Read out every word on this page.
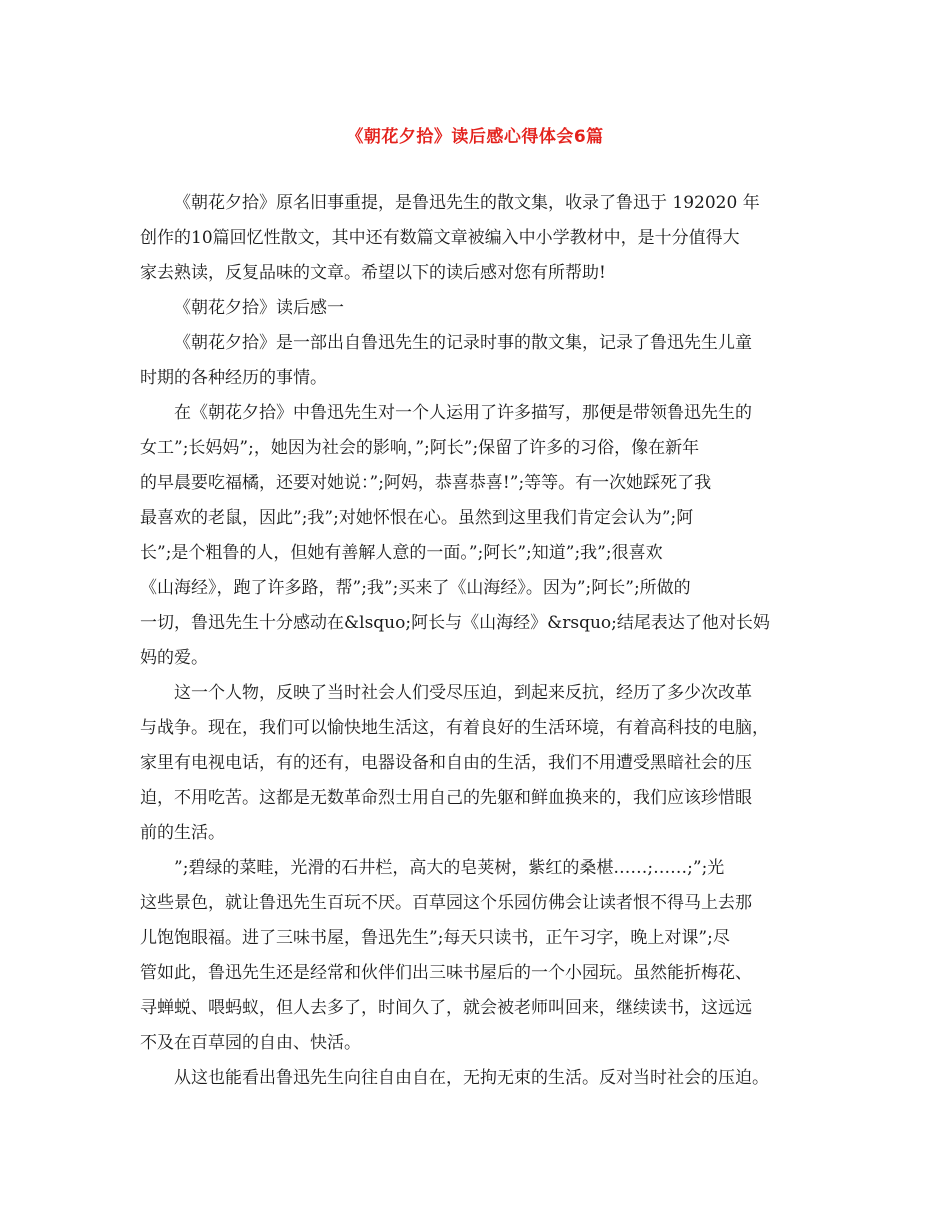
《朝花夕拾》读后感心得体会6篇
《朝花夕拾》原名旧事重提，是鲁迅先生的散文集，收录了鲁迅于 192020 年
创作的10篇回忆性散文，其中还有数篇文章被编入中小学教材中，是十分值得大
家去熟读，反复品味的文章。希望以下的读后感对您有所帮助!
《朝花夕拾》读后感一
《朝花夕拾》是一部出自鲁迅先生的记录时事的散文集，记录了鲁迅先生儿童
时期的各种经历的事情。
在《朝花夕拾》中鲁迅先生对一个人运用了许多描写，那便是带领鲁迅先生的
女工”;长妈妈”;，她因为社会的影响，”;阿长”;保留了许多的习俗，像在新年
的早晨要吃福橘，还要对她说：”;阿妈，恭喜恭喜!”;等等。有一次她踩死了我
最喜欢的老鼠，因此”;我”;对她怀恨在心。虽然到这里我们肯定会认为”;阿
长”;是个粗鲁的人，但她有善解人意的一面。”;阿长”;知道”;我”;很喜欢
《山海经》，跑了许多路，帮”;我”;买来了《山海经》。因为”;阿长”;所做的
一切，鲁迅先生十分感动在&lsquo;阿长与《山海经》&rsquo;结尾表达了他对长妈
妈的爱。
这一个人物，反映了当时社会人们受尽压迫，到起来反抗，经历了多少次改革
与战争。现在，我们可以愉快地生活这，有着良好的生活环境，有着高科技的电脑，
家里有电视电话，有的还有，电器设备和自由的生活，我们不用遭受黑暗社会的压
迫，不用吃苦。这都是无数革命烈士用自己的先躯和鲜血换来的，我们应该珍惜眼
前的生活。
”;碧绿的菜畦，光滑的石井栏，高大的皂荚树，紫红的桑椹……;……;”;光
这些景色，就让鲁迅先生百玩不厌。百草园这个乐园仿佛会让读者恨不得马上去那
儿饱饱眼福。进了三味书屋，鲁迅先生”;每天只读书，正午习字，晚上对课”;尽
管如此，鲁迅先生还是经常和伙伴们出三味书屋后的一个小园玩。虽然能折梅花、
寻蝉蜕、喂蚂蚁，但人去多了，时间久了，就会被老师叫回来，继续读书，这远远
不及在百草园的自由、快活。
从这也能看出鲁迅先生向往自由自在，无拘无束的生活。反对当时社会的压迫。
